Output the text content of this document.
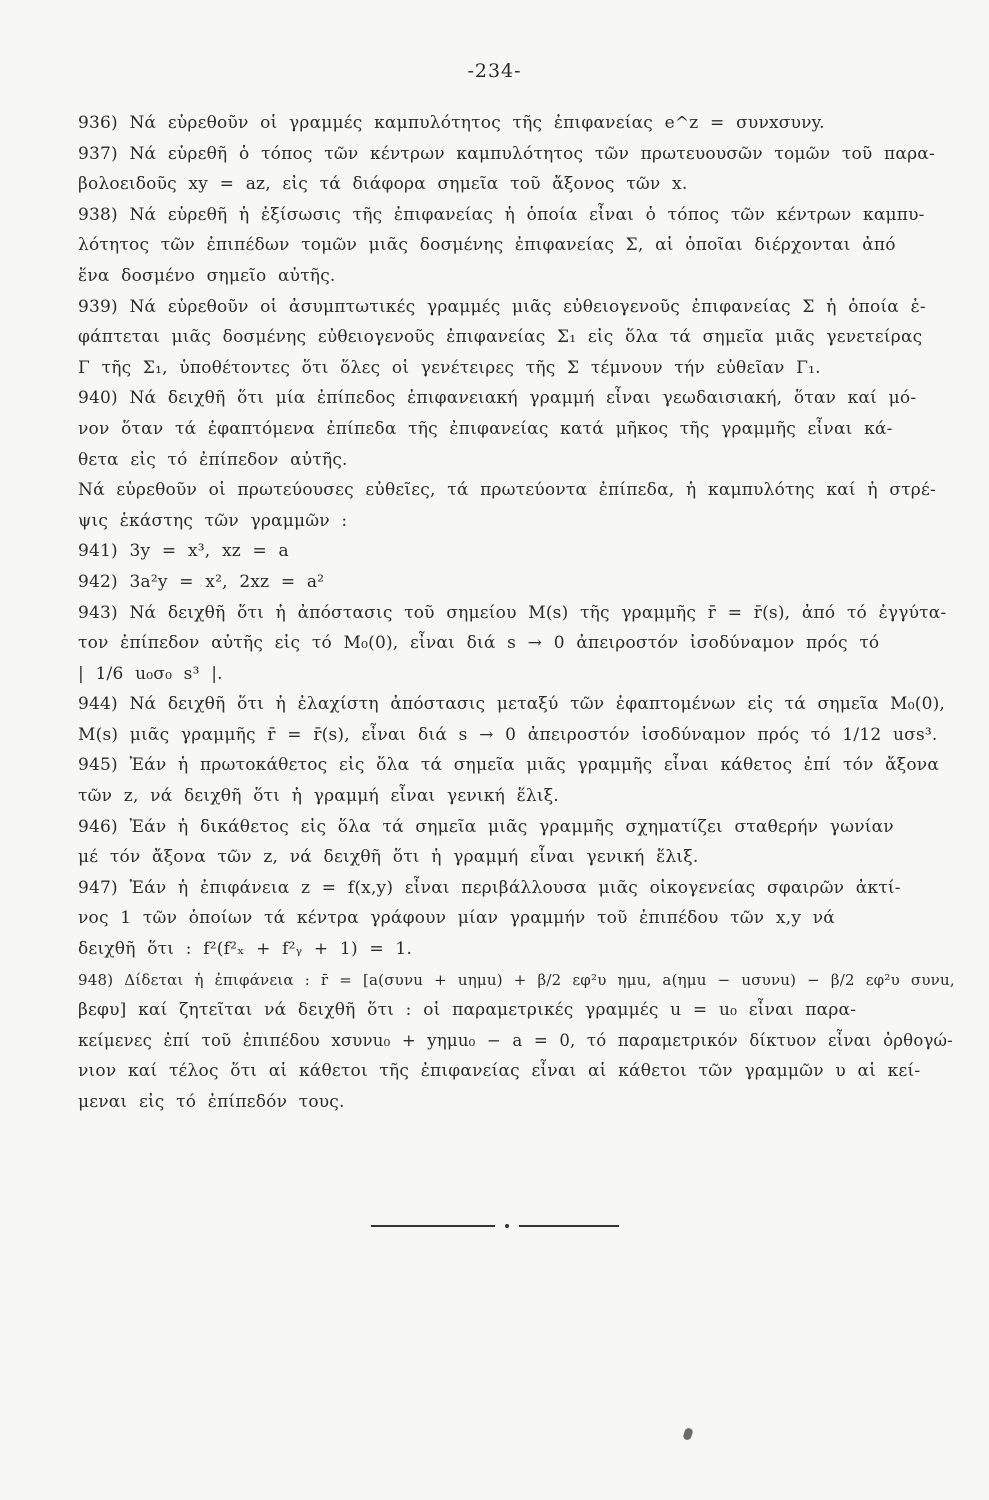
-234-
936) Νά εὑρεθοῦν οἱ γραμμές καμπυλότητος τῆς ἐπιφανείας e^z = συνxσυνy.
937) Νά εὑρεθῆ ὁ τόπος τῶν κέντρων καμπυλότητος τῶν πρωτευουσῶν τομῶν τοῦ παρα-
βολοειδοῦς xy = az, εἰς τά διάφορα σημεῖα τοῦ ἄξονος τῶν x.
938) Νά εὑρεθῆ ἡ ἐξίσωσις τῆς ἐπιφανείας ἡ ὁποία εἶναι ὁ τόπος τῶν κέντρων καμπυ-
λότητος τῶν ἐπιπέδων τομῶν μιᾶς δοσμένης ἐπιφανείας Σ, αἱ ὁποῖαι διέρχονται ἀπό
ἕνα δοσμένο σημεῖο αὐτῆς.
939) Νά εὑρεθοῦν οἱ ἀσυμπτωτικές γραμμές μιᾶς εὐθειογενοῦς ἐπιφανείας Σ ἡ ὁποία ἐ-
φάπτεται μιᾶς δοσμένης εὐθειογενοῦς ἐπιφανείας Σ₁ εἰς ὅλα τά σημεῖα μιᾶς γενετείρας
Γ τῆς Σ₁, ὑποθέτοντες ὅτι ὅλες οἱ γενέτειρες τῆς Σ τέμνουν τήν εὐθεῖαν Γ₁.
940) Νά δειχθῆ ὅτι μία ἐπίπεδος ἐπιφανειακή γραμμή εἶναι γεωδαισιακή, ὅταν καί μό-
νον ὅταν τά ἐφαπτόμενα ἐπίπεδα τῆς ἐπιφανείας κατά μῆκος τῆς γραμμῆς εἶναι κά-
θετα εἰς τό ἐπίπεδον αὐτῆς.
Νά εὑρεθοῦν οἱ πρωτεύουσες εὐθεῖες, τά πρωτεύοντα ἐπίπεδα, ἡ καμπυλότης καί ἡ στρέ-
ψις ἑκάστης τῶν γραμμῶν :
941) 3y = x³, xz = a
942) 3a²y = x², 2xz = a²
943) Νά δειχθῆ ὅτι ἡ ἀπόστασις τοῦ σημείου M(s) τῆς γραμμῆς r̄ = r̄(s), ἀπό τό ἐγγύτα-
τον ἐπίπεδον αὐτῆς εἰς τό M₀(0), εἶναι διά s → 0 ἀπειροστόν ἰσοδύναμον πρός τό
| 1/6 u₀σ₀ s³ |.
944) Νά δειχθῆ ὅτι ἡ ἐλαχίστη ἀπόστασις μεταξύ τῶν ἐφαπτομένων εἰς τά σημεῖα M₀(0),
M(s) μιᾶς γραμμῆς r̄ = r̄(s), εἶναι διά s → 0 ἀπειροστόν ἰσοδύναμον πρός τό 1/12 uσs³.
945) Ἐάν ἡ πρωτοκάθετος εἰς ὅλα τά σημεῖα μιᾶς γραμμῆς εἶναι κάθετος ἐπί τόν ἄξονα
τῶν z, νά δειχθῆ ὅτι ἡ γραμμή εἶναι γενική ἕλιξ.
946) Ἐάν ἡ δικάθετος εἰς ὅλα τά σημεῖα μιᾶς γραμμῆς σχηματίζει σταθερήν γωνίαν
μέ τόν ἄξονα τῶν z, νά δειχθῆ ὅτι ἡ γραμμή εἶναι γενική ἕλιξ.
947) Ἐάν ἡ ἐπιφάνεια z = f(x,y) εἶναι περιβάλλουσα μιᾶς οἰκογενείας σφαιρῶν ἀκτί-
νος 1 τῶν ὁποίων τά κέντρα γράφουν μίαν γραμμήν τοῦ ἐπιπέδου τῶν x,y νά
δειχθῆ ὅτι : f²(f²ₓ + f²ᵧ + 1) = 1.
948) Δίδεται ἡ ἐπιφάνεια : r̄ = [a(συνu + uημu) + β/2 εφ²υ ημu, a(ημu − uσυνu) − β/2 εφ²υ συνu,
βεφυ] καί ζητεῖται νά δειχθῆ ὅτι : οἱ παραμετρικές γραμμές u = u₀ εἶναι παρα-
κείμενες ἐπί τοῦ ἐπιπέδου xσυνu₀ + yημu₀ − a = 0, τό παραμετρικόν δίκτυον εἶναι ὀρθογώ-
νιον καί τέλος ὅτι αἱ κάθετοι τῆς ἐπιφανείας εἶναι αἱ κάθετοι τῶν γραμμῶν υ αἱ κεί-
μεναι εἰς τό ἐπίπεδόν τους.
